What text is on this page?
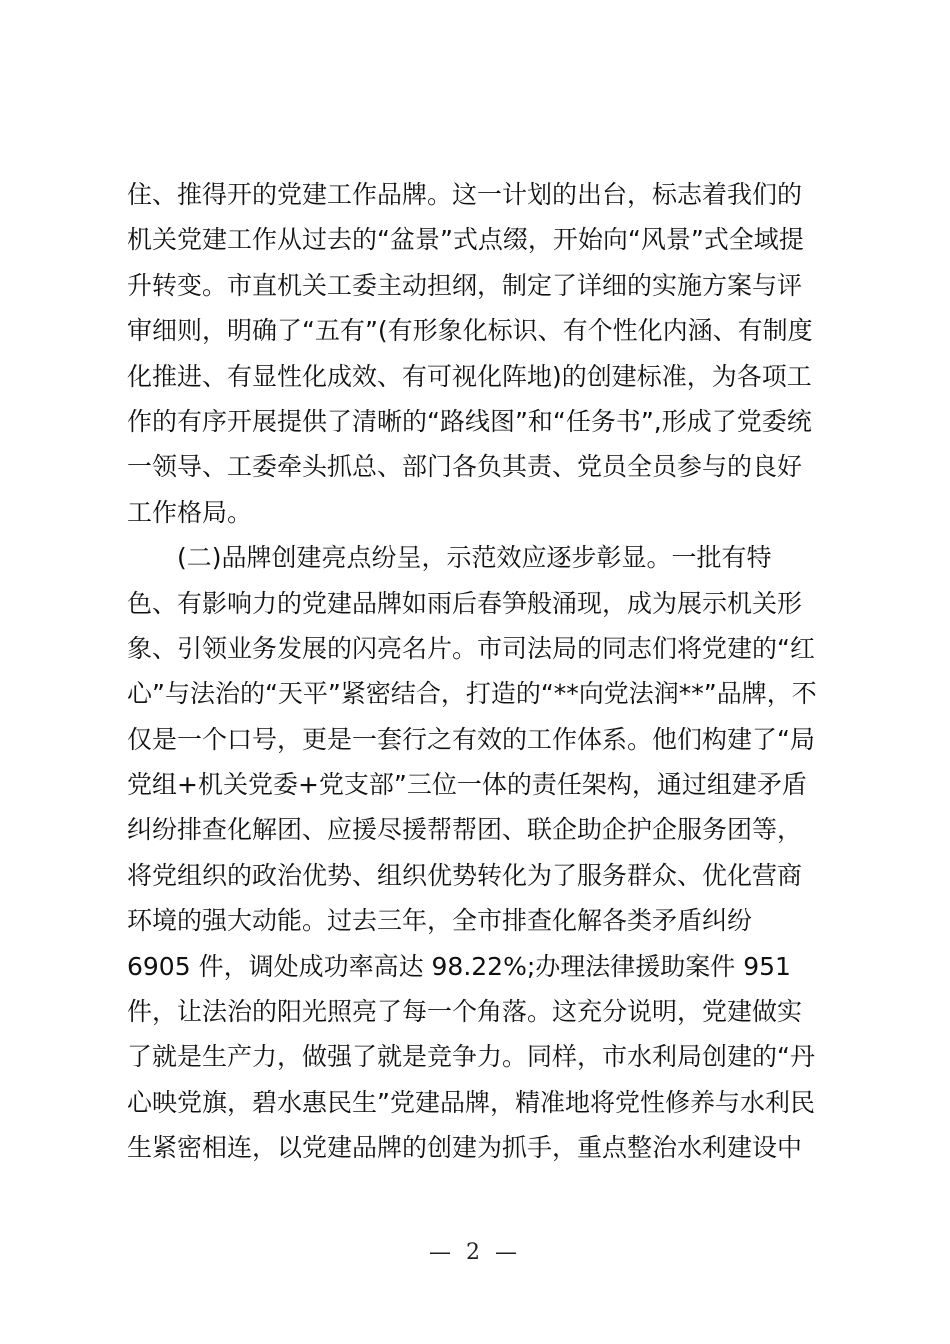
住、推得开的党建工作品牌。这一计划的出台，标志着我们的
机关党建工作从过去的“盆景”式点缀，开始向“风景”式全域提
升转变。市直机关工委主动担纲，制定了详细的实施方案与评
审细则，明确了“五有”(有形象化标识、有个性化内涵、有制度
化推进、有显性化成效、有可视化阵地)的创建标准，为各项工
作的有序开展提供了清晰的“路线图”和“任务书”,形成了党委统
一领导、工委牵头抓总、部门各负其责、党员全员参与的良好
工作格局。
(二)品牌创建亮点纷呈，示范效应逐步彰显。一批有特
色、有影响力的党建品牌如雨后春笋般涌现，成为展示机关形
象、引领业务发展的闪亮名片。市司法局的同志们将党建的“红
心”与法治的“天平”紧密结合，打造的“**向党法润**”品牌，不
仅是一个口号，更是一套行之有效的工作体系。他们构建了“局
党组+机关党委+党支部”三位一体的责任架构，通过组建矛盾
纠纷排查化解团、应援尽援帮帮团、联企助企护企服务团等，
将党组织的政治优势、组织优势转化为了服务群众、优化营商
环境的强大动能。过去三年，全市排查化解各类矛盾纠纷
6905 件，调处成功率高达 98.22%;办理法律援助案件 951
件，让法治的阳光照亮了每一个角落。这充分说明，党建做实
了就是生产力，做强了就是竞争力。同样，市水利局创建的“丹
心映党旗，碧水惠民生”党建品牌，精准地将党性修养与水利民
生紧密相连，以党建品牌的创建为抓手，重点整治水利建设中
— 2 —
